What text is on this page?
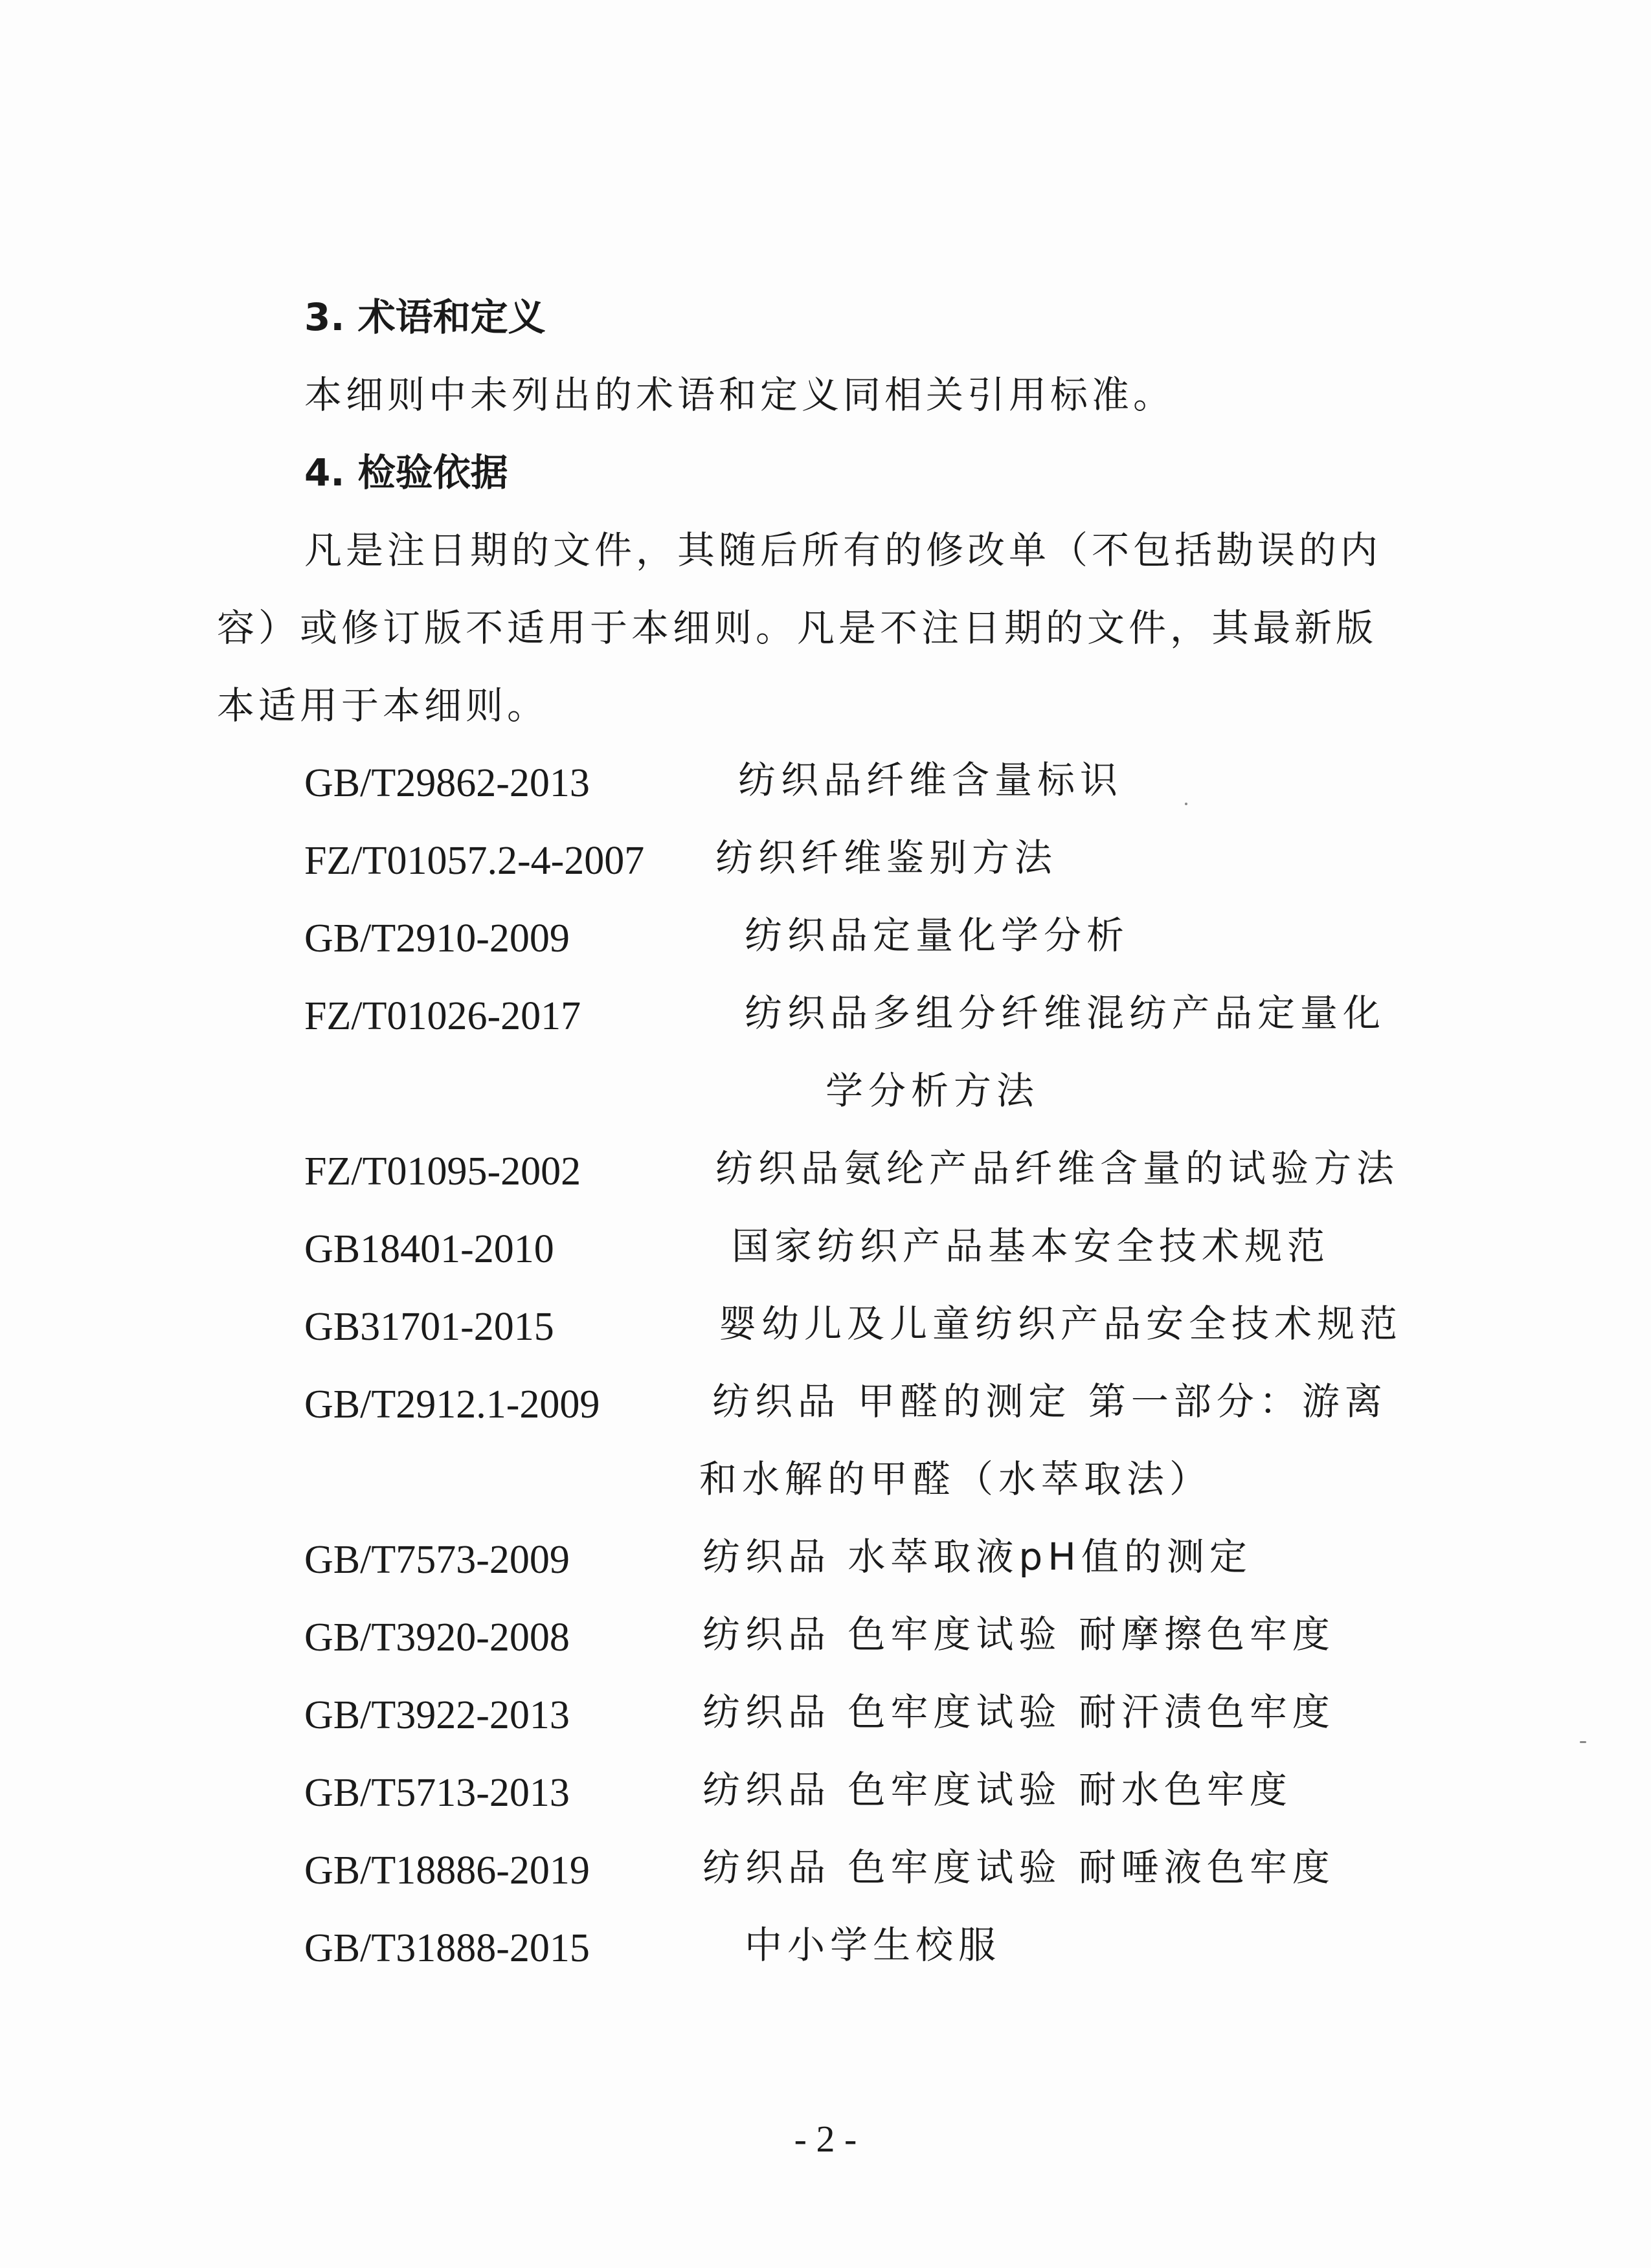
3. 术语和定义
本细则中未列出的术语和定义同相关引用标准。
4. 检验依据
凡是注日期的文件，其随后所有的修改单（不包括勘误的内
容）或修订版不适用于本细则。凡是不注日期的文件，其最新版
本适用于本细则。
GB/T29862-2013	纺织品纤维含量标识
FZ/T01057.2-4-2007 纺织纤维鉴别方法
GB/T2910-2009	纺织品定量化学分析
FZ/T01026-2017	纺织品多组分纤维混纺产品定量化
学分析方法
FZ/T01095-2002	纺织品氨纶产品纤维含量的试验方法
GB18401-2010	国家纺织产品基本安全技术规范
GB31701-2015	婴幼儿及儿童纺织产品安全技术规范
GB/T2912.1-2009	纺织品 甲醛的测定 第一部分：游离
和水解的甲醛（水萃取法）
GB/T7573-2009	纺织品 水萃取液pH值的测定
GB/T3920-2008	纺织品 色牢度试验 耐摩擦色牢度
GB/T3922-2013	纺织品 色牢度试验 耐汗渍色牢度
GB/T5713-2013	纺织品 色牢度试验 耐水色牢度
GB/T18886-2019	纺织品 色牢度试验 耐唾液色牢度
GB/T31888-2015	中小学生校服
- 2 -
